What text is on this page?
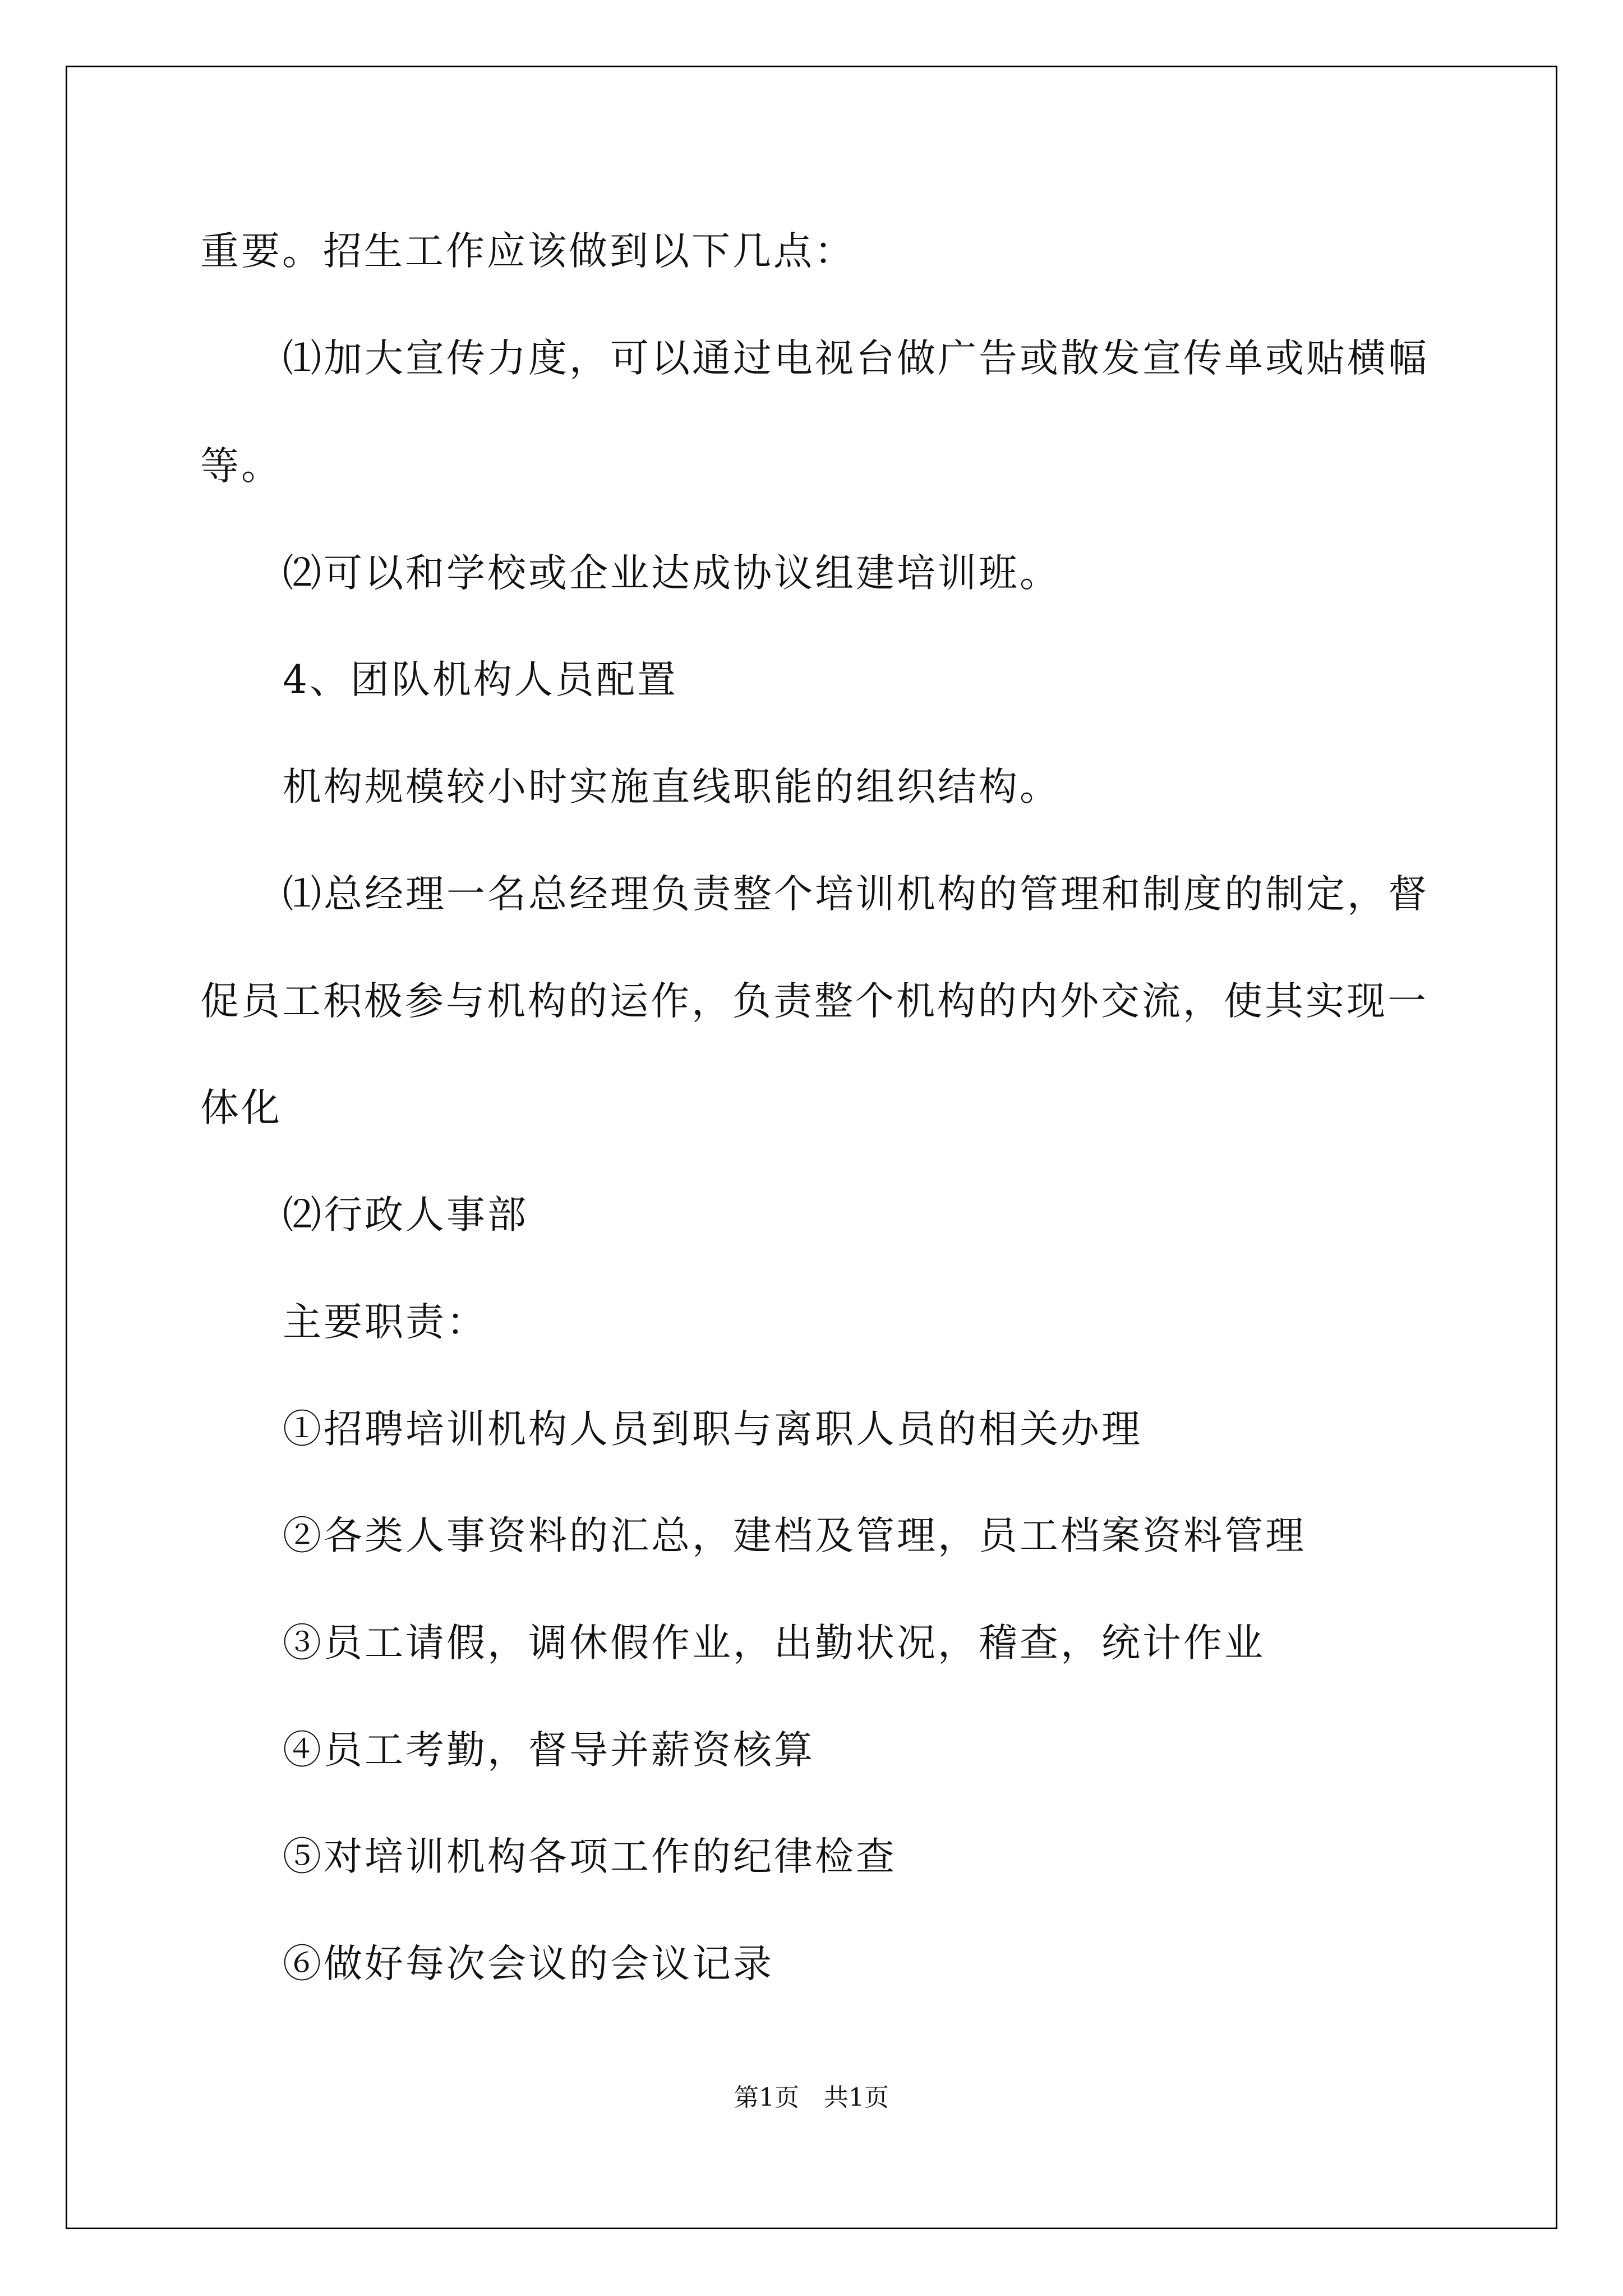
重要。招生工作应该做到以下几点：
⑴加大宣传力度，可以通过电视台做广告或散发宣传单或贴横幅
等。
⑵可以和学校或企业达成协议组建培训班。
4、团队机构人员配置
机构规模较小时实施直线职能的组织结构。
⑴总经理一名总经理负责整个培训机构的管理和制度的制定，督
促员工积极参与机构的运作，负责整个机构的内外交流，使其实现一
体化
⑵行政人事部
主要职责：
①招聘培训机构人员到职与离职人员的相关办理
②各类人事资料的汇总，建档及管理，员工档案资料管理
③员工请假，调休假作业，出勤状况，稽查，统计作业
④员工考勤，督导并薪资核算
⑤对培训机构各项工作的纪律检查
⑥做好每次会议的会议记录
第1页 共1页
